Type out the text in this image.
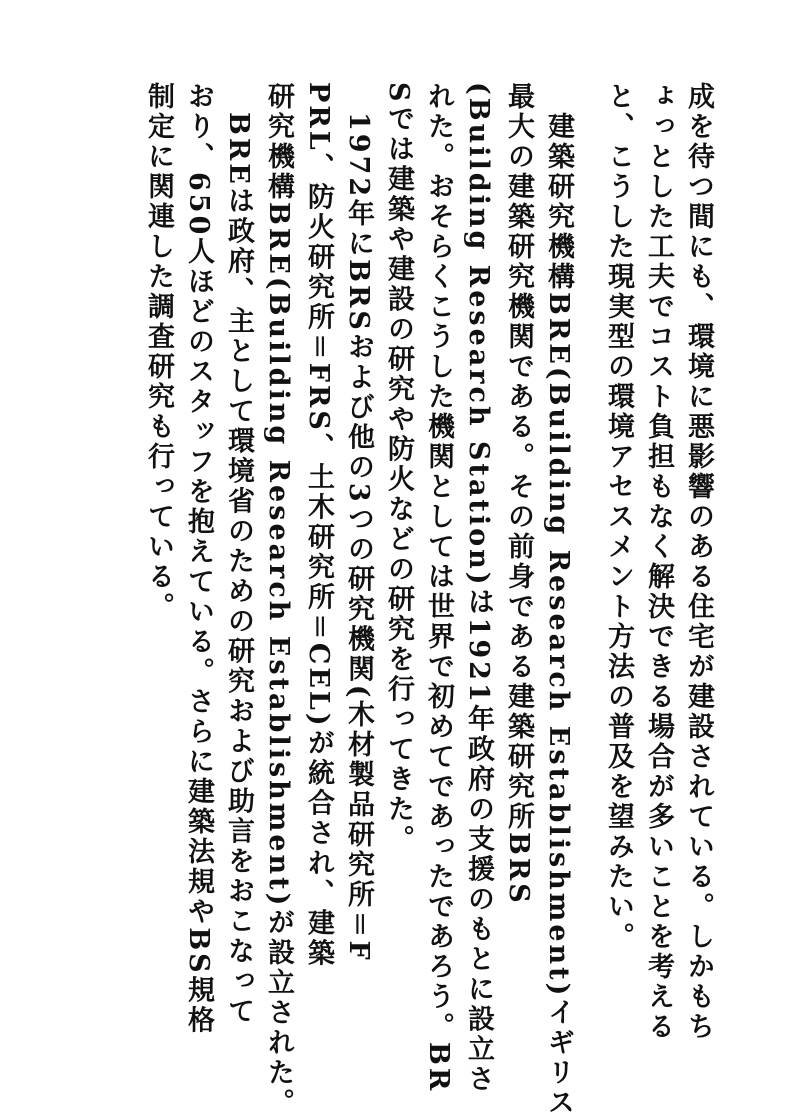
成を待つ間にも、環境に悪影響のある住宅が建設されている。しかもち
ょっとした工夫でコスト負担もなく解決できる場合が多いことを考える
と、こうした現実型の環境アセスメント方法の普及を望みたい。
　建築研究機構BRE(Building Research Establishment)イギリス
最大の建築研究機関である。その前身である建築研究所BRS
(Building Research Station)は1921年政府の支援のもとに設立さ
れた。おそらくこうした機関としては世界で初めてであったであろう。BR
Sでは建築や建設の研究や防火などの研究を行ってきた。
　1972年にBRSおよび他の3つの研究機関(木材製品研究所＝F
PRL、防火研究所＝FRS、土木研究所＝CEL)が統合され、建築
研究機構BRE(Building Research Establishment)が設立された。
　BREは政府、主として環境省のための研究および助言をおこなって
おり、650人ほどのスタッフを抱えている。さらに建築法規やBS規格
制定に関連した調査研究も行っている。
